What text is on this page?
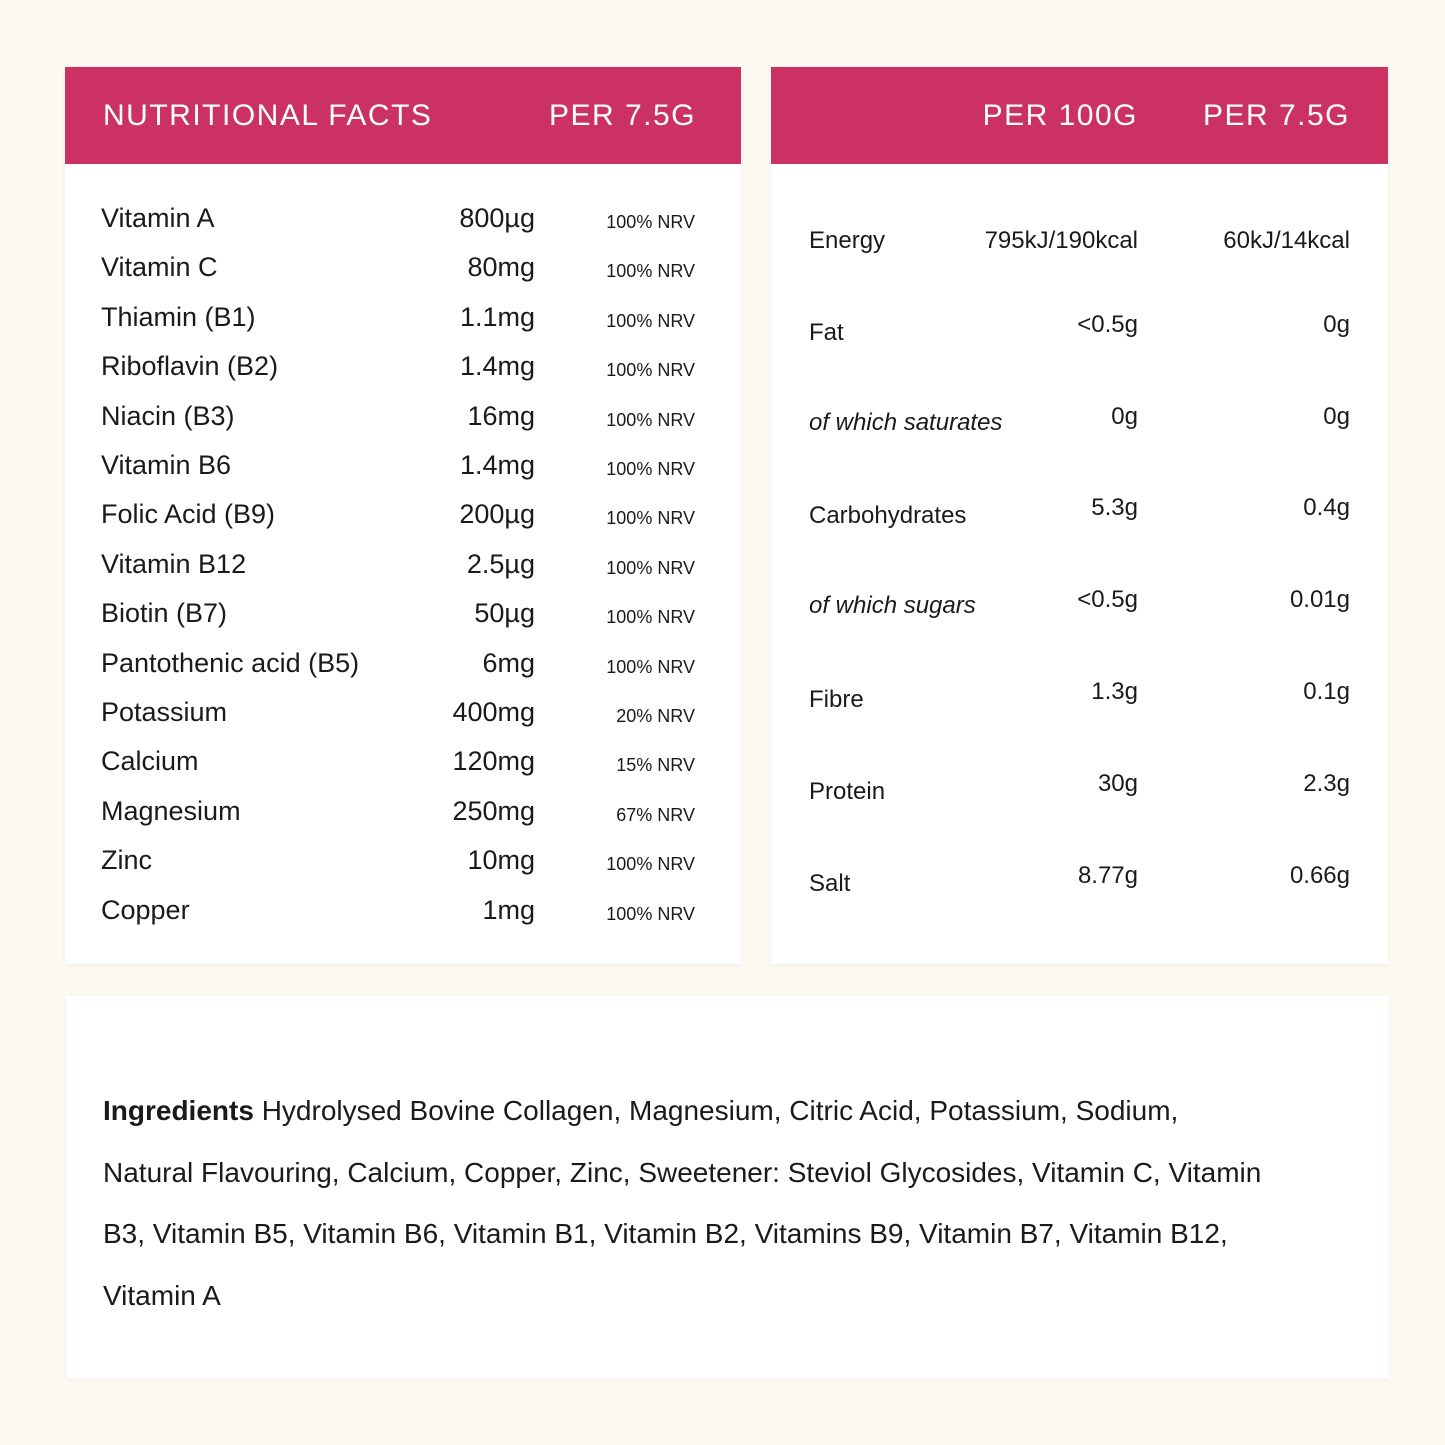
NUTRITIONAL FACTS	PER 7.5G
Vitamin A	800µg	100% NRV
Vitamin C	80mg	100% NRV
Thiamin (B1)	1.1mg	100% NRV
Riboflavin (B2)	1.4mg	100% NRV
Niacin (B3)	16mg	100% NRV
Vitamin B6	1.4mg	100% NRV
Folic Acid (B9)	200µg	100% NRV
Vitamin B12	2.5µg	100% NRV
Biotin (B7)	50µg	100% NRV
Pantothenic acid (B5)	6mg	100% NRV
Potassium	400mg	20% NRV
Calcium	120mg	15% NRV
Magnesium	250mg	67% NRV
Zinc	10mg	100% NRV
Copper	1mg	100% NRV
PER 100G PER 7.5G
Energy	795kJ/190kcal	60kJ/14kcal
Fat	<0.5g	0g
of which saturates	0g	0g
Carbohydrates	5.3g	0.4g
of which sugars	<0.5g	0.01g
Fibre	1.3g	0.1g
Protein	30g	2.3g
Salt	8.77g	0.66g

Ingredients Hydrolysed Bovine Collagen, Magnesium, Citric Acid, Potassium, Sodium, Natural Flavouring, Calcium, Copper, Zinc, Sweetener: Steviol Glycosides, Vitamin C, Vitamin B3, Vitamin B5, Vitamin B6, Vitamin B1, Vitamin B2, Vitamins B9, Vitamin B7, Vitamin B12, Vitamin A
